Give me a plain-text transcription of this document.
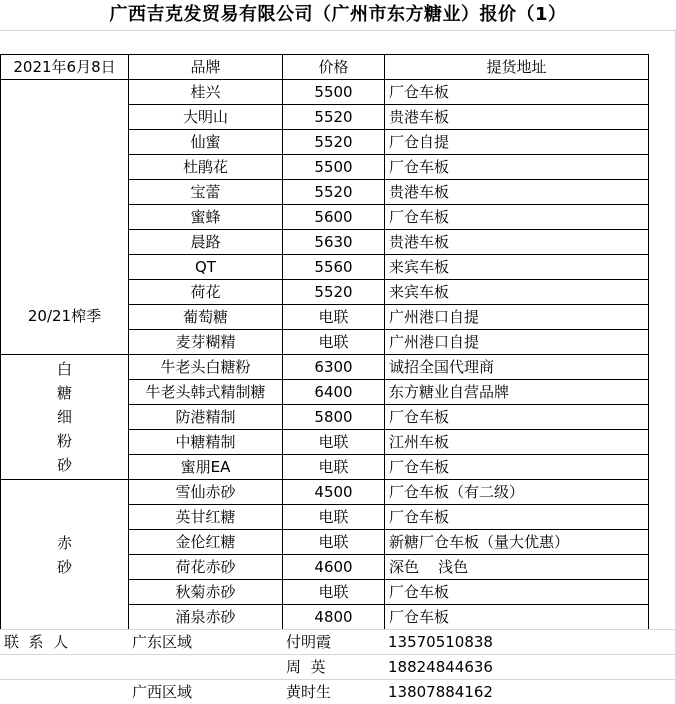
广西吉克发贸易有限公司（广州市东方糖业）报价（1）
2021年6月8日	品牌	价格	提货地址

20/21榨季	桂兴	5500	厂仓车板
	大明山	5520	贵港车板
	仙蜜	5520	厂仓自提
	杜鹃花	5500	厂仓车板
	宝蕾	5520	贵港车板
	蜜蜂	5600	厂仓车板
	晨路	5630	贵港车板
	QT	5560	来宾车板
	荷花	5520	来宾车板
	葡萄糖	电联	广州港口自提
	麦芽糊精	电联	广州港口自提

白
糖
细
粉
砂	牛老头白糖粉	6300	诚招全国代理商
	牛老头韩式精制糖	6400	东方糖业自营品牌
	防港精制	5800	厂仓车板
	中糖精制	电联	江州车板
	蜜朋EA	电联	厂仓车板

赤
砂	雪仙赤砂	4500	厂仓车板（有二级）
	英甘红糖	电联	厂仓车板
	金伦红糖	电联	新糖厂仓车板（量大优惠）
	荷花赤砂	4600	深色    浅色
	秋菊赤砂	电联	厂仓车板
	涌泉赤砂	4800	厂仓车板
联  系  人	广东区域	付明霞	13570510838
		周  英	18824844636
	广西区域	黄时生	13807884162
